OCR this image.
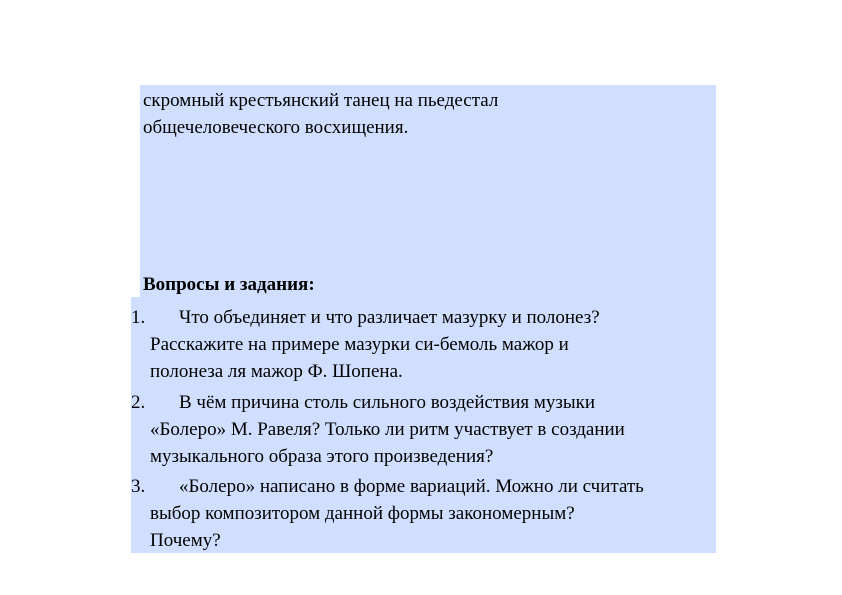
скромный крестьянский танец на пьедестал
общечеловеческого восхищения.
Вопросы и задания:
1. Что объединяет и что различает мазурку и полонез?
Расскажите на примере мазурки си-бемоль мажор и
полонеза ля мажор Ф. Шопена.
2. В чём причина столь сильного воздействия музыки
«Болеро» М. Равеля? Только ли ритм участвует в создании
музыкального образа этого произведения?
3. «Болеро» написано в форме вариаций. Можно ли считать
выбор композитором данной формы закономерным?
Почему?
